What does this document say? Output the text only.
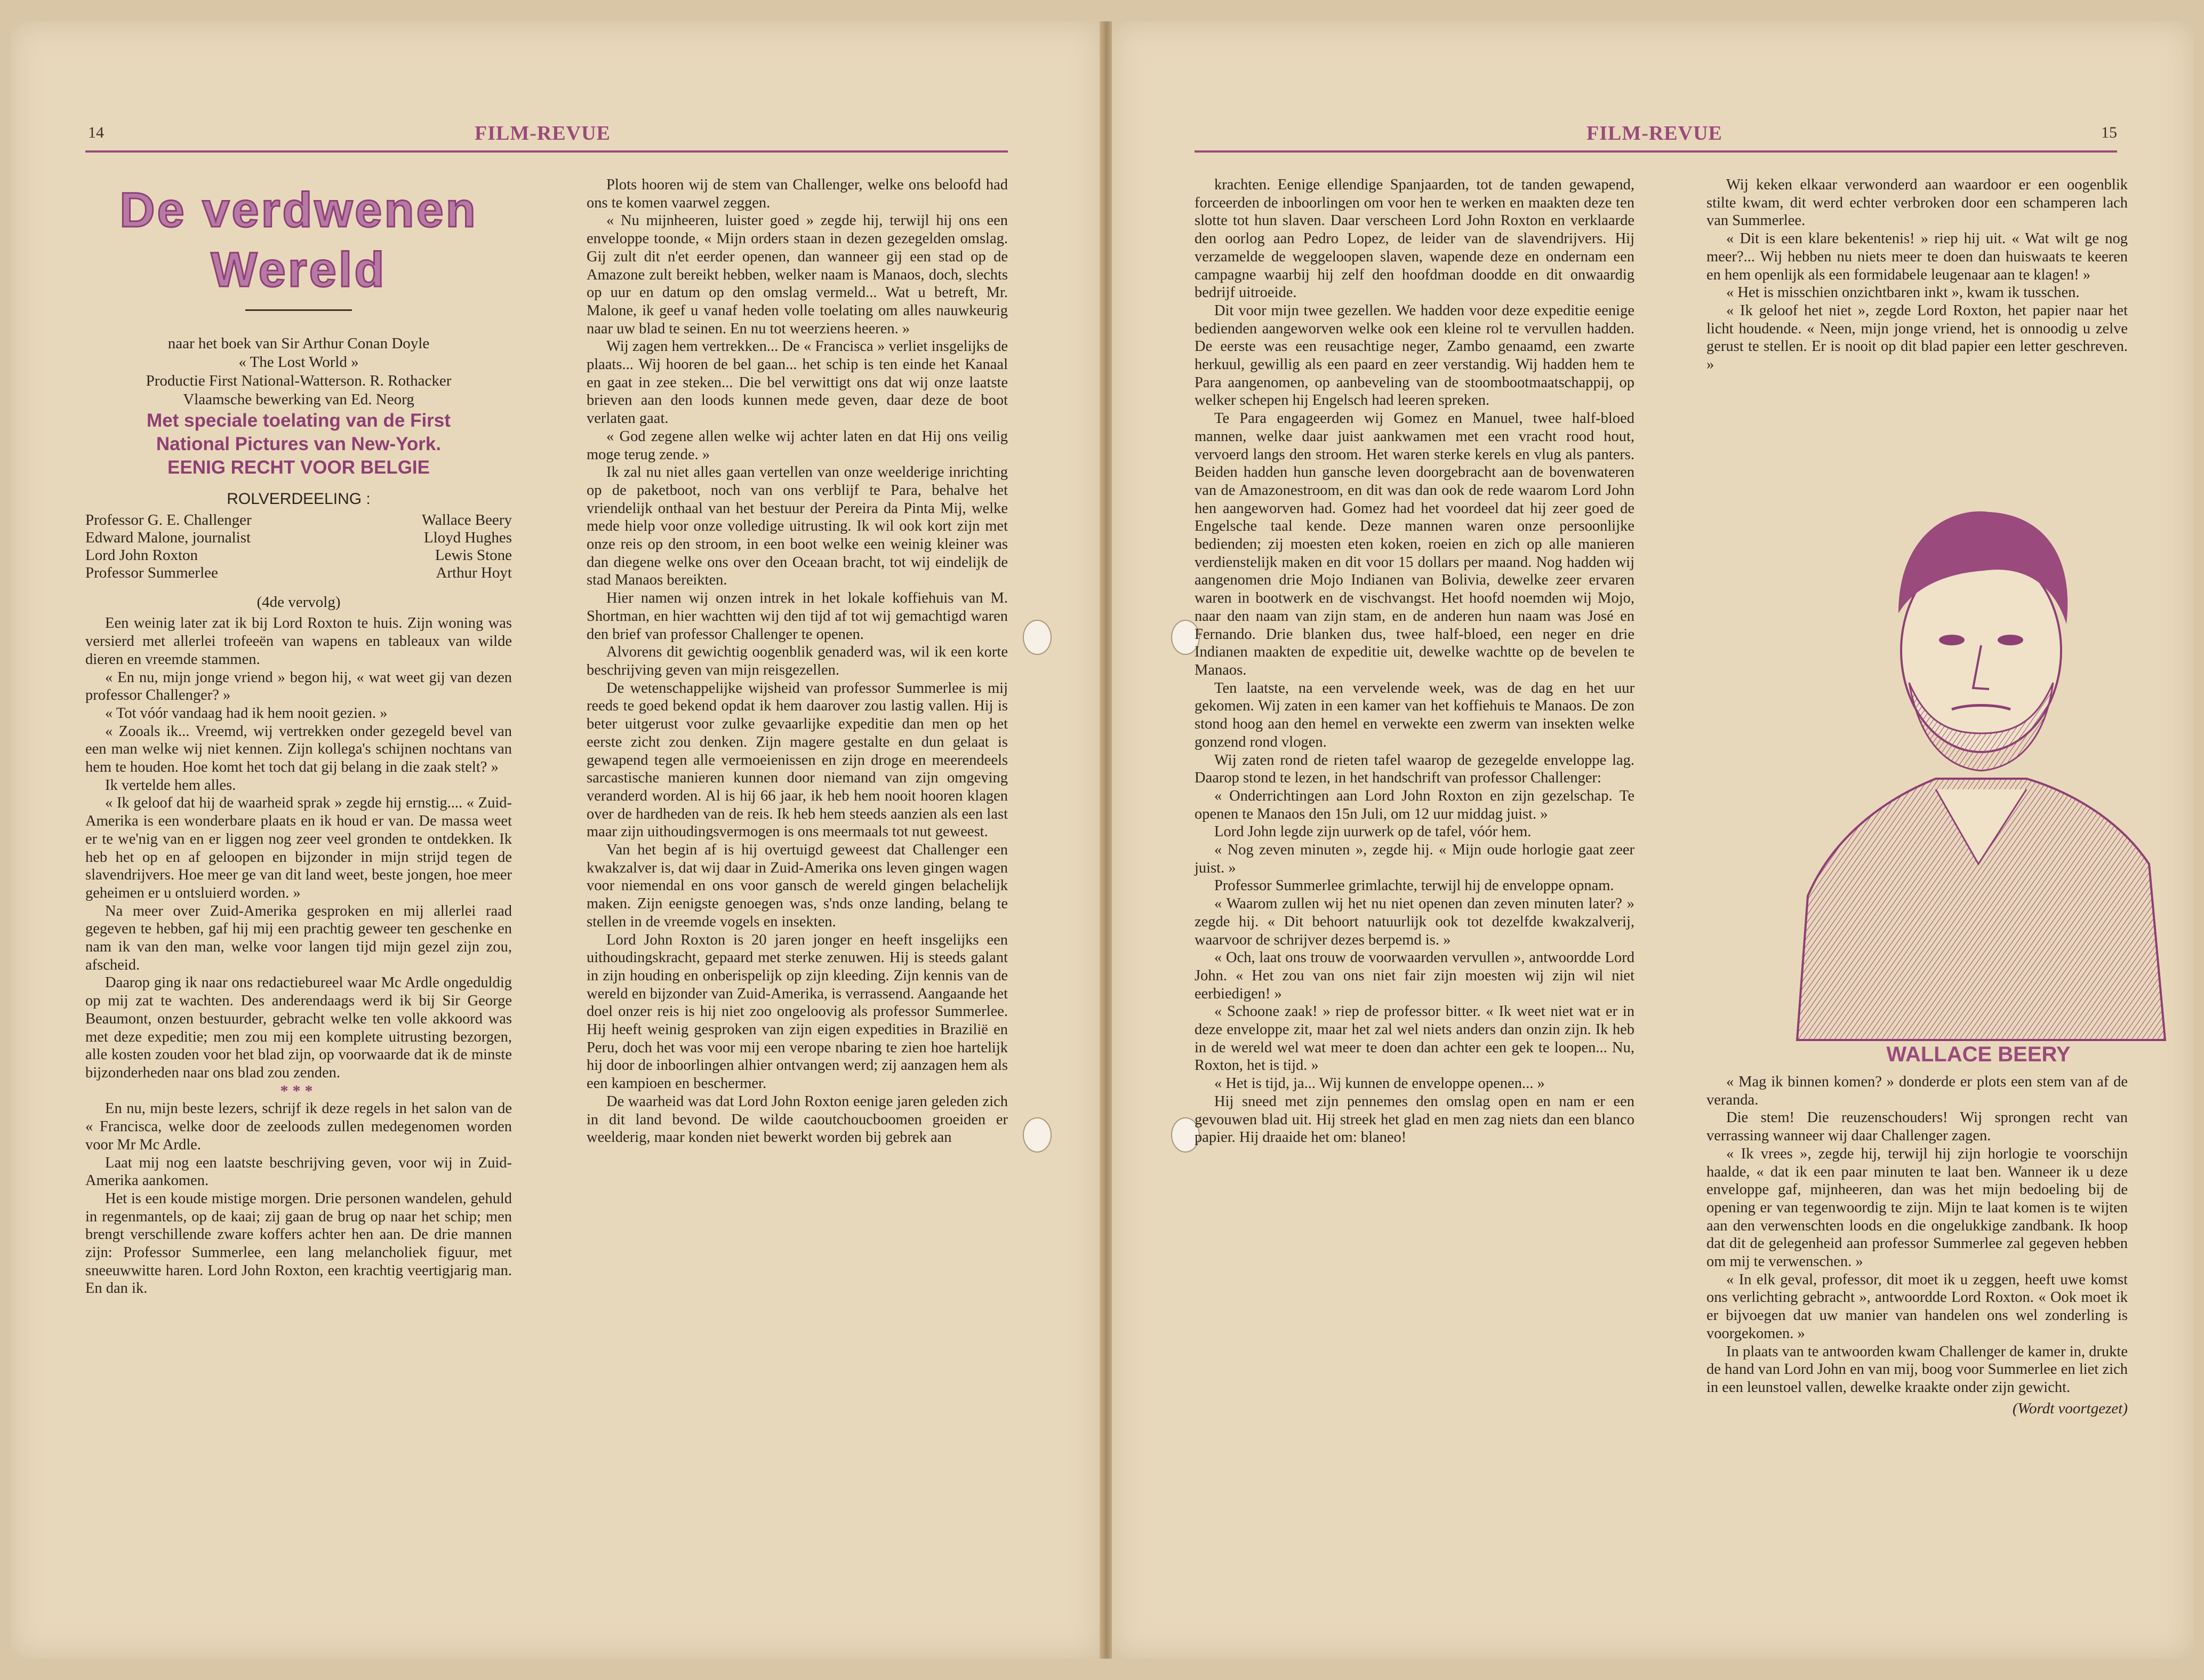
14	FILM-REVUE	FILM-REVUE	15
De verdwenen
Wereld
naar het boek van Sir Arthur Conan Doyle
« The Lost World »
Productie First National-Watterson. R. Rothacker
Vlaamsche bewerking van Ed. Neorg
Met speciale toelating van de First
National Pictures van New-York.
EENIG RECHT VOOR BELGIE
ROLVERDEELING :
Professor G. E. Challenger	Wallace Beery
Edward Malone, journalist	Lloyd Hughes
Lord John Roxton	Lewis Stone
Professor Summerlee	Arthur Hoyt
(4de vervolg)

Een weinig later zat ik bij Lord Roxton te huis. Zijn woning was versierd met allerlei trofeeën van wapens en tableaux van wilde dieren en vreemde stammen.

« En nu, mijn jonge vriend » begon hij, « wat weet gij van dezen professor Challenger? »

« Tot vóór vandaag had ik hem nooit gezien. »

« Zooals ik... Vreemd, wij vertrekken onder gezegeld bevel van een man welke wij niet kennen. Zijn kollega's schijnen nochtans van hem te houden. Hoe komt het toch dat gij belang in die zaak stelt? »

Ik vertelde hem alles.

« Ik geloof dat hij de waarheid sprak » zegde hij ernstig.... « Zuid-Amerika is een wonderbare plaats en ik houd er van. De massa weet er te we'nig van en er liggen nog zeer veel gronden te ontdekken. Ik heb het op en af geloopen en bijzonder in mijn strijd tegen de slavendrijvers. Hoe meer ge van dit land weet, beste jongen, hoe meer geheimen er u ontsluierd worden. »

Na meer over Zuid-Amerika gesproken en mij allerlei raad gegeven te hebben, gaf hij mij een prachtig geweer ten geschenke en nam ik van den man, welke voor langen tijd mijn gezel zijn zou, afscheid.

Daarop ging ik naar ons redactiebureel waar Mc Ardle ongeduldig op mij zat te wachten. Des anderendaags werd ik bij Sir George Beaumont, onzen bestuurder, gebracht welke ten volle akkoord was met deze expeditie; men zou mij een komplete uitrusting bezorgen, alle kosten zouden voor het blad zijn, op voorwaarde dat ik de minste bijzonderheden naar ons blad zou zenden.

***

En nu, mijn beste lezers, schrijf ik deze regels in het salon van de « Francisca, welke door de zeeloods zullen medegenomen worden voor Mr Mc Ardle.

Laat mij nog een laatste beschrijving geven, voor wij in Zuid-Amerika aankomen.

Het is een koude mistige morgen. Drie personen wandelen, gehuld in regenmantels, op de kaai; zij gaan de brug op naar het schip; men brengt verschillende zware koffers achter hen aan. De drie mannen zijn: Professor Summerlee, een lang melancholiek figuur, met sneeuwwitte haren. Lord John Roxton, een krachtig veertigjarig man. En dan ik.

Plots hooren wij de stem van Challenger, welke ons beloofd had ons te komen vaarwel zeggen.

« Nu mijnheeren, luister goed » zegde hij, terwijl hij ons een enveloppe toonde, « Mijn orders staan in dezen gezegelden omslag. Gij zult dit n'et eerder openen, dan wanneer gij een stad op de Amazone zult bereikt hebben, welker naam is Manaos, doch, slechts op uur en datum op den omslag vermeld... Wat u betreft, Mr. Malone, ik geef u vanaf heden volle toelating om alles nauwkeurig naar uw blad te seinen. En nu tot weerziens heeren. »

Wij zagen hem vertrekken... De « Francisca » verliet insgelijks de plaats... Wij hooren de bel gaan... het schip is ten einde het Kanaal en gaat in zee steken... Die bel verwittigt ons dat wij onze laatste brieven aan den loods kunnen mede geven, daar deze de boot verlaten gaat.

« God zegene allen welke wij achter laten en dat Hij ons veilig moge terug zende. »

Ik zal nu niet alles gaan vertellen van onze weelderige inrichting op de paketboot, noch van ons verblijf te Para, behalve het vriendelijk onthaal van het bestuur der Pereira da Pinta Mij, welke mede hielp voor onze volledige uitrusting. Ik wil ook kort zijn met onze reis op den stroom, in een boot welke een weinig kleiner was dan diegene welke ons over den Oceaan bracht, tot wij eindelijk de stad Manaos bereikten.

Hier namen wij onzen intrek in het lokale koffiehuis van M. Shortman, en hier wachtten wij den tijd af tot wij gemachtigd waren den brief van professor Challenger te openen.

Alvorens dit gewichtig oogenblik genaderd was, wil ik een korte beschrijving geven van mijn reisgezellen.

De wetenschappelijke wijsheid van professor Summerlee is mij reeds te goed bekend opdat ik hem daarover zou lastig vallen. Hij is beter uitgerust voor zulke gevaarlijke expeditie dan men op het eerste zicht zou denken. Zijn magere gestalte en dun gelaat is gewapend tegen alle vermoeienissen en zijn droge en meerendeels sarcastische manieren kunnen door niemand van zijn omgeving veranderd worden. Al is hij 66 jaar, ik heb hem nooit hooren klagen over de hardheden van de reis. Ik heb hem steeds aanzien als een last maar zijn uithoudingsvermogen is ons meermaals tot nut geweest.

Van het begin af is hij overtuigd geweest dat Challenger een kwakzalver is, dat wij daar in Zuid-Amerika ons leven gingen wagen voor niemendal en ons voor gansch de wereld gingen belachelijk maken. Zijn eenigste genoegen was, s'nds onze landing, belang te stellen in de vreemde vogels en insekten.

Lord John Roxton is 20 jaren jonger en heeft insgelijks een uithoudingskracht, gepaard met sterke zenuwen. Hij is steeds galant in zijn houding en onberispelijk op zijn kleeding. Zijn kennis van de wereld en bijzonder van Zuid-Amerika, is verrassend. Aangaande het doel onzer reis is hij niet zoo ongeloovig als professor Summerlee. Hij heeft weinig gesproken van zijn eigen expedities in Brazilië en Peru, doch het was voor mij een verope nbaring te zien hoe hartelijk hij door de inboorlingen alhier ontvangen werd; zij aanzagen hem als een kampioen en beschermer.

De waarheid was dat Lord John Roxton eenige jaren geleden zich in dit land bevond. De wilde caoutchoucboomen groeiden er weelderig, maar konden niet bewerkt worden bij gebrek aan

krachten. Eenige ellendige Spanjaarden, tot de tanden gewapend, forceerden de inboorlingen om voor hen te werken en maakten deze ten slotte tot hun slaven. Daar verscheen Lord John Roxton en verklaarde den oorlog aan Pedro Lopez, de leider van de slavendrijvers. Hij verzamelde de weggeloopen slaven, wapende deze en ondernam een campagne waarbij hij zelf den hoofdman doodde en dit onwaardig bedrijf uitroeide.

Dit voor mijn twee gezellen. We hadden voor deze expeditie eenige bedienden aangeworven welke ook een kleine rol te vervullen hadden. De eerste was een reusachtige neger, Zambo genaamd, een zwarte herkuul, gewillig als een paard en zeer verstandig. Wij hadden hem te Para aangenomen, op aanbeveling van de stoombootmaatschappij, op welker schepen hij Engelsch had leeren spreken.

Te Para engageerden wij Gomez en Manuel, twee half-bloed mannen, welke daar juist aankwamen met een vracht rood hout, vervoerd langs den stroom. Het waren sterke kerels en vlug als panters. Beiden hadden hun gansche leven doorgebracht aan de bovenwateren van de Amazonestroom, en dit was dan ook de rede waarom Lord John hen aangeworven had. Gomez had het voordeel dat hij zeer goed de Engelsche taal kende. Deze mannen waren onze persoonlijke bedienden; zij moesten eten koken, roeien en zich op alle manieren verdienstelijk maken en dit voor 15 dollars per maand. Nog hadden wij aangenomen drie Mojo Indianen van Bolivia, dewelke zeer ervaren waren in bootwerk en de vischvangst. Het hoofd noemden wij Mojo, naar den naam van zijn stam, en de anderen hun naam was José en Fernando. Drie blanken dus, twee half-bloed, een neger en drie Indianen maakten de expeditie uit, dewelke wachtte op de bevelen te Manaos.

Ten laatste, na een vervelende week, was de dag en het uur gekomen. Wij zaten in een kamer van het koffiehuis te Manaos. De zon stond hoog aan den hemel en verwekte een zwerm van insekten welke gonzend rond vlogen.

Wij zaten rond de rieten tafel waarop de gezegelde enveloppe lag. Daarop stond te lezen, in het handschrift van professor Challenger:

« Onderrichtingen aan Lord John Roxton en zijn gezelschap. Te openen te Manaos den 15n Juli, om 12 uur middag juist. »

Lord John legde zijn uurwerk op de tafel, vóór hem.

« Nog zeven minuten », zegde hij. « Mijn oude horlogie gaat zeer juist. »

Professor Summerlee grimlachte, terwijl hij de enveloppe opnam.

« Waarom zullen wij het nu niet openen dan zeven minuten later? » zegde hij. « Dit behoort natuurlijk ook tot dezelfde kwakzalverij, waarvoor de schrijver dezes berpemd is. »

« Och, laat ons trouw de voorwaarden vervullen », antwoordde Lord John. « Het zou van ons niet fair zijn moesten wij zijn wil niet eerbiedigen! »

« Schoone zaak! » riep de professor bitter. « Ik weet niet wat er in deze enveloppe zit, maar het zal wel niets anders dan onzin zijn. Ik heb in de wereld wel wat meer te doen dan achter een gek te loopen... Nu, Roxton, het is tijd. »

« Het is tijd, ja... Wij kunnen de enveloppe openen... »

Hij sneed met zijn pennemes den omslag open en nam er een gevouwen blad uit. Hij streek het glad en men zag niets dan een blanco papier. Hij draaide het om: blaneo!

Wij keken elkaar verwonderd aan waardoor er een oogenblik stilte kwam, dit werd echter verbroken door een schamperen lach van Summerlee.

« Dit is een klare bekentenis! » riep hij uit. « Wat wilt ge nog meer?... Wij hebben nu niets meer te doen dan huiswaats te keeren en hem openlijk als een formidabele leugenaar aan te klagen! »

« Het is misschien onzichtbaren inkt », kwam ik tusschen.

« Ik geloof het niet », zegde Lord Roxton, het papier naar het licht houdende. « Neen, mijn jonge vriend, het is onnoodig u zelve gerust te stellen. Er is nooit op dit blad papier een letter geschreven. »

WALLACE BEERY

« Mag ik binnen komen? » donderde er plots een stem van af de veranda.

Die stem! Die reuzenschouders! Wij sprongen recht van verrassing wanneer wij daar Challenger zagen.

« Ik vrees », zegde hij, terwijl hij zijn horlogie te voorschijn haalde, « dat ik een paar minuten te laat ben. Wanneer ik u deze enveloppe gaf, mijnheeren, dan was het mijn bedoeling bij de opening er van tegenwoordig te zijn. Mijn te laat komen is te wijten aan den verwenschten loods en die ongelukkige zandbank. Ik hoop dat dit de gelegenheid aan professor Summerlee zal gegeven hebben om mij te verwenschen. »

« In elk geval, professor, dit moet ik u zeggen, heeft uwe komst ons verlichting gebracht », antwoordde Lord Roxton. « Ook moet ik er bijvoegen dat uw manier van handelen ons wel zonderling is voorgekomen. »

In plaats van te antwoorden kwam Challenger de kamer in, drukte de hand van Lord John en van mij, boog voor Summerlee en liet zich in een leunstoel vallen, dewelke kraakte onder zijn gewicht.

(Wordt voortgezet)
